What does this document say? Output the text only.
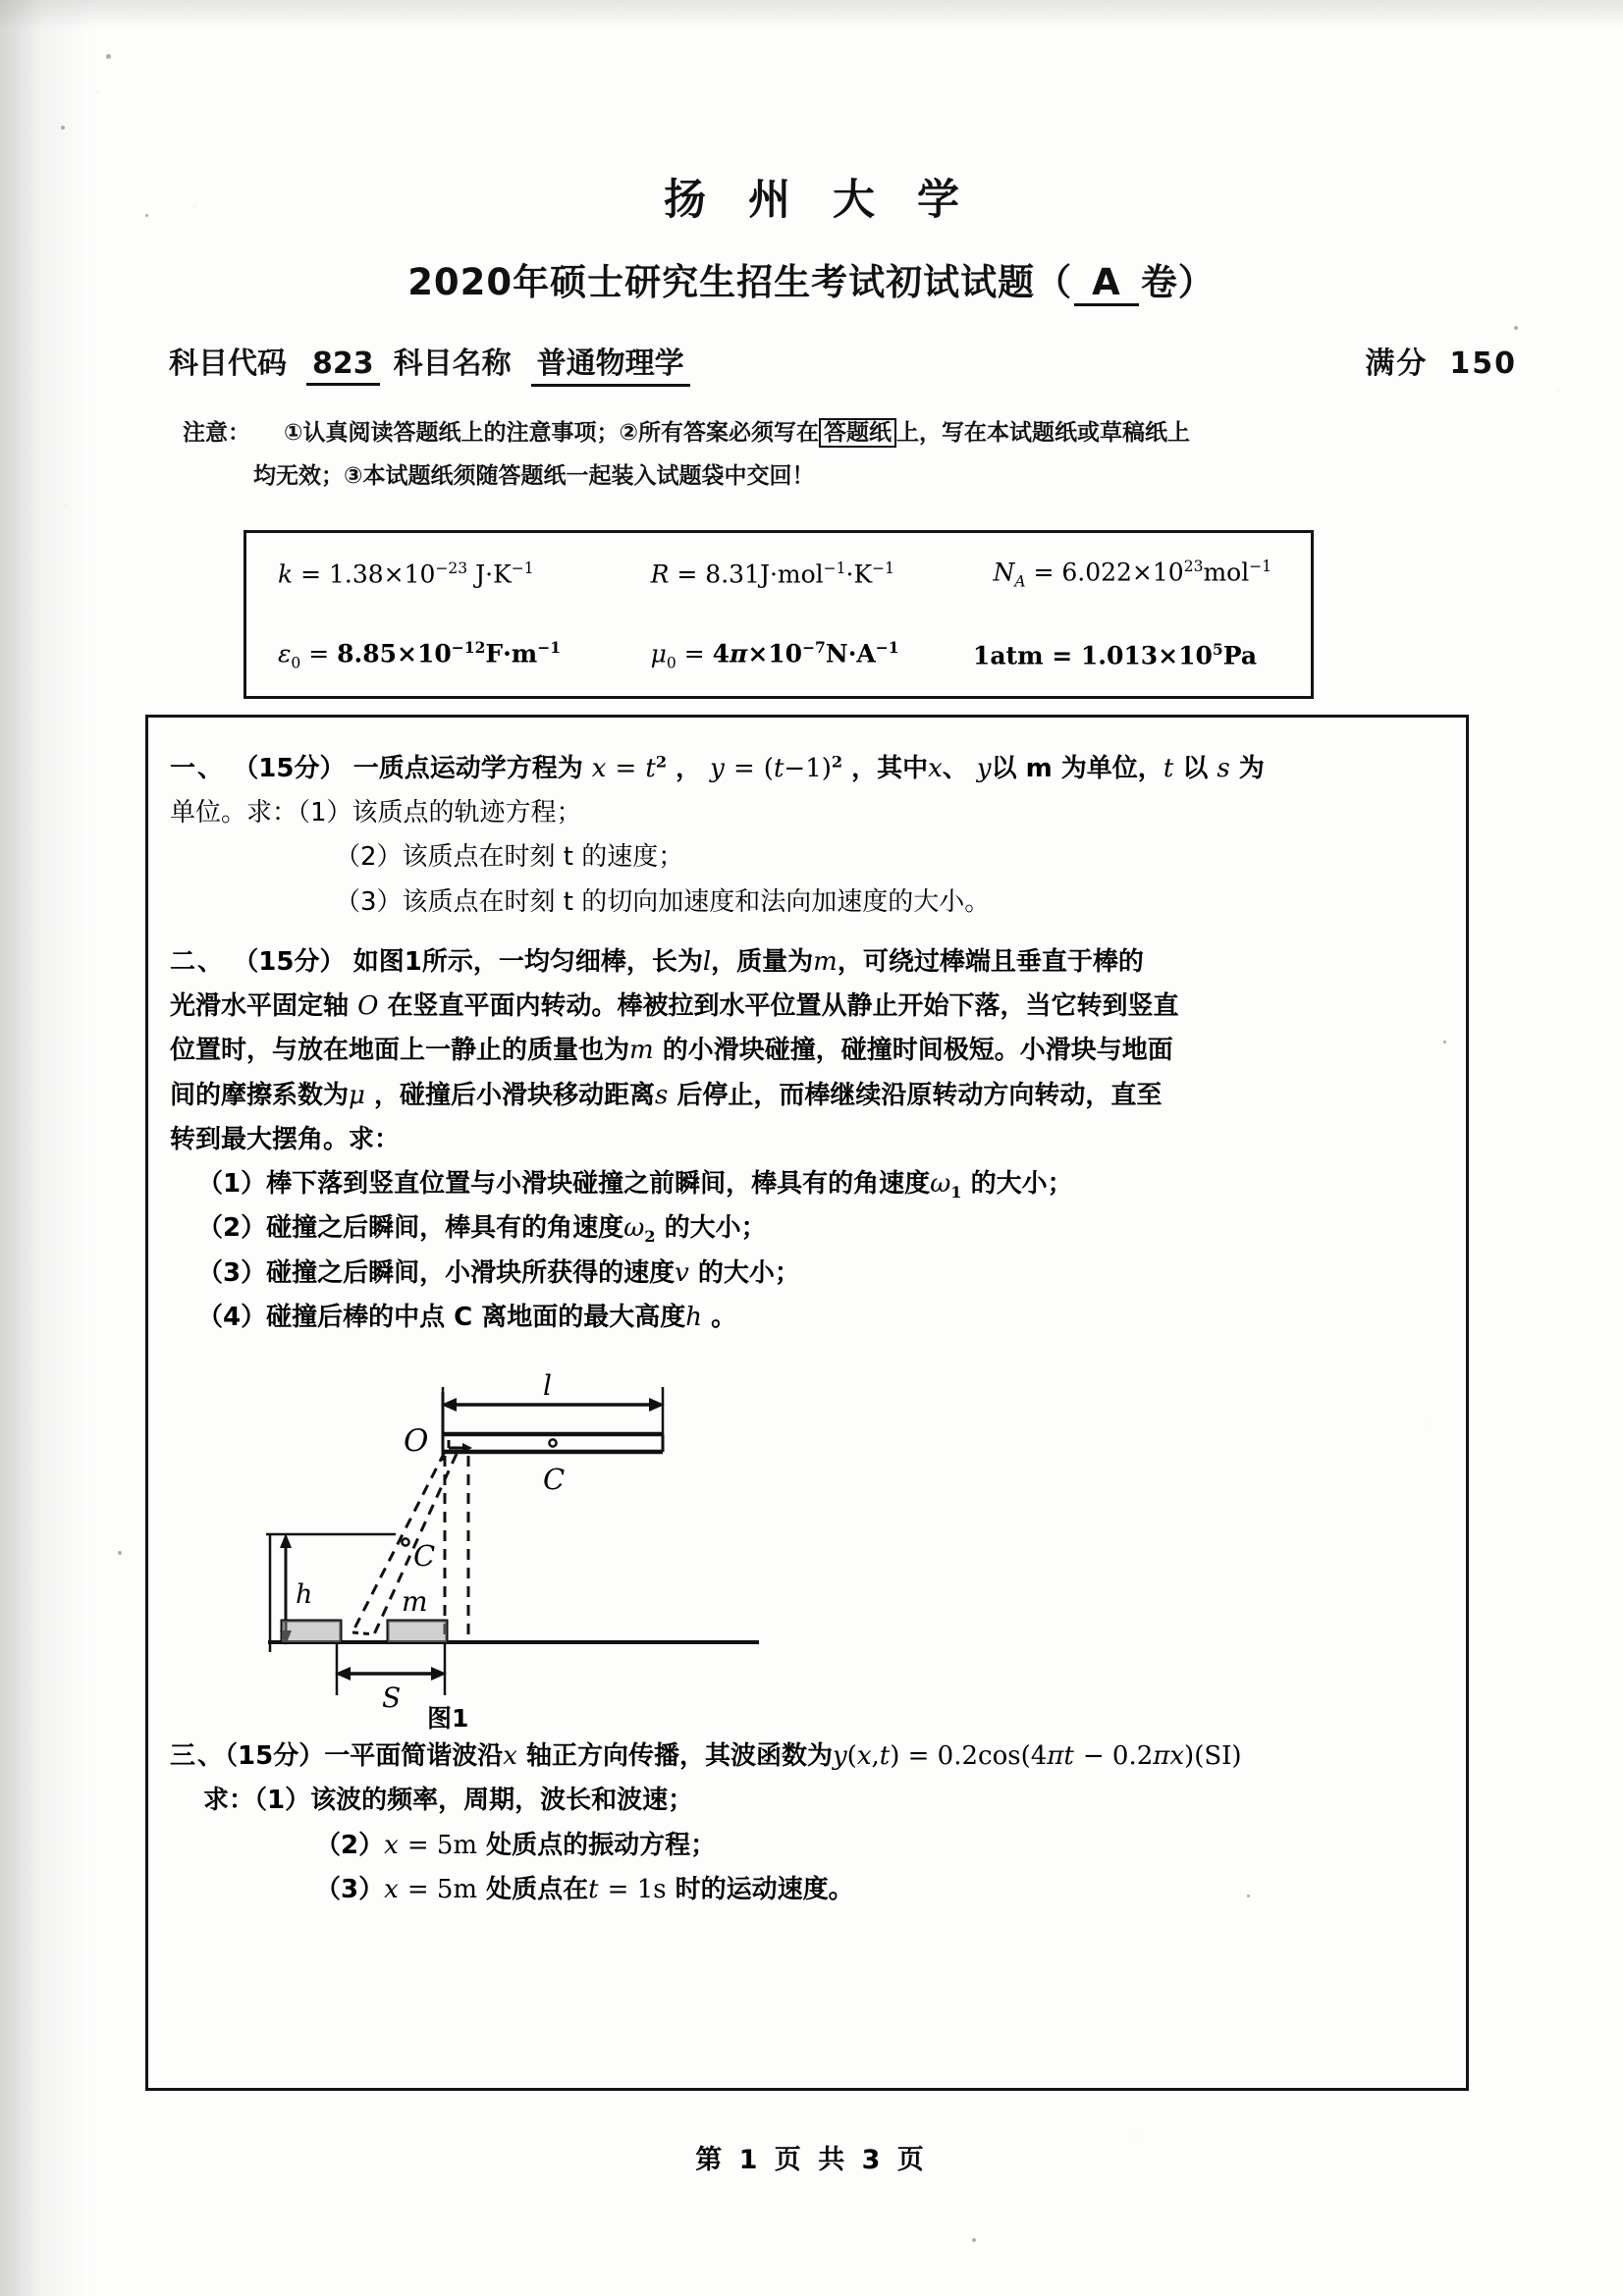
扬 州 大 学
2020年硕士研究生招生考试初试试题（ A 卷）
科目代码 823 科目名称 普通物理学	满分 150
注意： ①认真阅读答题纸上的注意事项；②所有答案必须写在 答题纸 上，写在本试题纸或草稿纸上
均无效；③本试题纸须随答题纸一起装入试题袋中交回！
$k = 1.38\times 10^{-23}$ $J\cdot K^{-1}$	$R = 8.31J\cdot mol^{-1}\cdot K^{-1}$	$N_A = 6.022\times 10^{23}mol^{-1}$
$\varepsilon_0 = 8.85\times 10^{-12}F\cdot m^{-1}$	$\mu_0 = 4\pi\times 10^{-7}N\cdot A^{-1}$	$1atm = 1.013\times 10^5Pa$
一、 （15分） 一质点运动学方程为 $x = t^2$ ， $y = (t-1)^2$ ，其中x、 y以 m 为单位，t 以 s 为
单位。求：（1）该质点的轨迹方程；
（2）该质点在时刻 t 的速度；
（3）该质点在时刻 t 的切向加速度和法向加速度的大小。
二、 （15分） 如图1所示，一均匀细棒，长为l，质量为m，可绕过棒端且垂直于棒的
光滑水平固定轴 O 在竖直平面内转动。棒被拉到水平位置从静止开始下落，当它转到竖直
位置时，与放在地面上一静止的质量也为m 的小滑块碰撞，碰撞时间极短。小滑块与地面
间的摩擦系数为μ ，碰撞后小滑块移动距离s 后停止，而棒继续沿原转动方向转动，直至
转到最大摆角。求：
（1）棒下落到竖直位置与小滑块碰撞之前瞬间，棒具有的角速度$\omega_1$ 的大小；
（2）碰撞之后瞬间，棒具有的角速度$\omega_2$ 的大小；
（3）碰撞之后瞬间，小滑块所获得的速度v 的大小；
（4）碰撞后棒的中点 C 离地面的最大高度h 。
h
C
l
O
C
m
S
图1
三、（15分）一平面简谐波沿x 轴正方向传播，其波函数为y(x,t) = 0.2cos(4πt − 0.2πx)(SI)
求：（1）该波的频率，周期，波长和波速；
（2）x = 5m 处质点的振动方程；
（3）x = 5m 处质点在t = 1s 时的运动速度。
第 1 页 共 3 页
